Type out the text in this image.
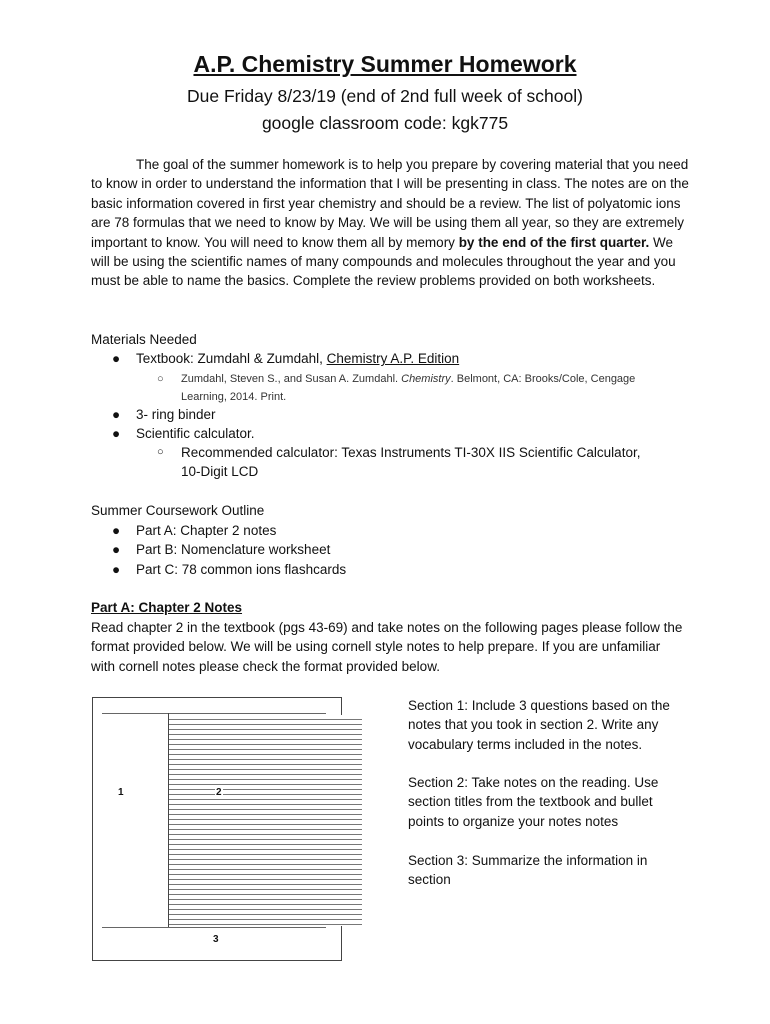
A.P. Chemistry Summer Homework
Due Friday 8/23/19 (end of 2nd full week of school)
google classroom code: kgk775
The goal of the summer homework is to help you prepare by covering material that you need to know in order to understand the information that I will be presenting in class. The notes are on the basic information covered in first year chemistry and should be a review. The list of polyatomic ions are 78 formulas that we need to know by May. We will be using them all year, so they are extremely important to know. You will need to know them all by memory by the end of the first quarter. We will be using the scientific names of many compounds and molecules throughout the year and you must be able to name the basics. Complete the review problems provided on both worksheets.
Materials Needed
● Textbook: Zumdahl & Zumdahl, Chemistry A.P. Edition
○ Zumdahl, Steven S., and Susan A. Zumdahl. Chemistry. Belmont, CA: Brooks/Cole, Cengage Learning, 2014. Print.
● 3- ring binder
● Scientific calculator.
○ Recommended calculator: Texas Instruments TI-30X IIS Scientific Calculator, 10-Digit LCD
Summer Coursework Outline
● Part A: Chapter 2 notes
● Part B: Nomenclature worksheet
● Part C: 78 common ions flashcards
Part A: Chapter 2 Notes
Read chapter 2 in the textbook (pgs 43-69) and take notes on the following pages please follow the format provided below. We will be using cornell style notes to help prepare. If you are unfamiliar with cornell notes please check the format provided below.
1	2
3
Section 1: Include 3 questions based on the notes that you took in section 2. Write any vocabulary terms included in the notes.
Section 2: Take notes on the reading. Use section titles from the textbook and bullet points to organize your notes notes
Section 3: Summarize the information in section
